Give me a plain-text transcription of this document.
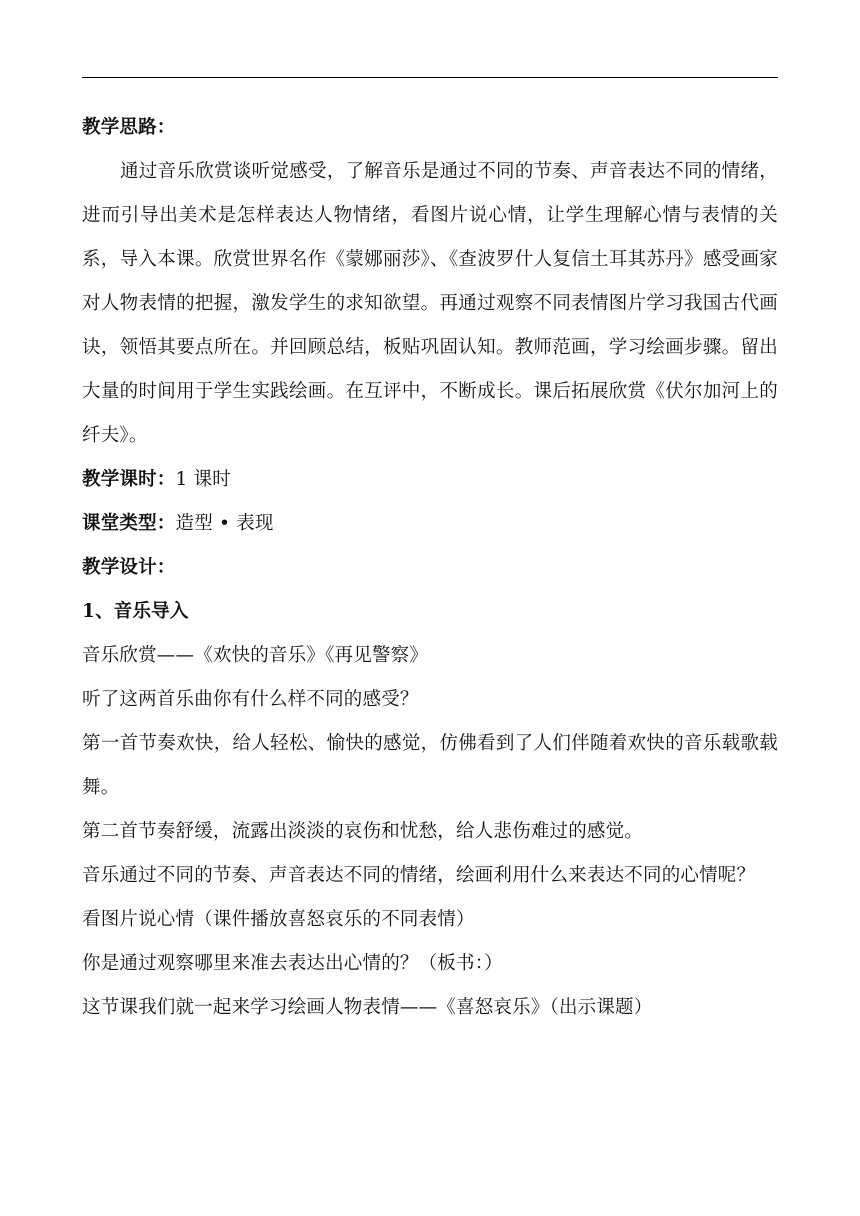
教学思路：

通过音乐欣赏谈听觉感受，了解音乐是通过不同的节奏、声音表达不同的情绪，进而引导出美术是怎样表达人物情绪，看图片说心情，让学生理解心情与表情的关系，导入本课。欣赏世界名作《蒙娜丽莎》、《查波罗什人复信土耳其苏丹》感受画家对人物表情的把握，激发学生的求知欲望。再通过观察不同表情图片学习我国古代画诀，领悟其要点所在。并回顾总结，板贴巩固认知。教师范画，学习绘画步骤。留出大量的时间用于学生实践绘画。在互评中，不断成长。课后拓展欣赏《伏尔加河上的纤夫》。

教学课时：1 课时

课堂类型：造型 • 表现

教学设计：

1、音乐导入

音乐欣赏——《欢快的音乐》《再见警察》

听了这两首乐曲你有什么样不同的感受？

第一首节奏欢快，给人轻松、愉快的感觉，仿佛看到了人们伴随着欢快的音乐载歌载舞。

第二首节奏舒缓，流露出淡淡的哀伤和忧愁，给人悲伤难过的感觉。

音乐通过不同的节奏、声音表达不同的情绪，绘画利用什么来表达不同的心情呢？

看图片说心情（课件播放喜怒哀乐的不同表情）

你是通过观察哪里来准去表达出心情的？（板书：）

这节课我们就一起来学习绘画人物表情——《喜怒哀乐》（出示课题）
